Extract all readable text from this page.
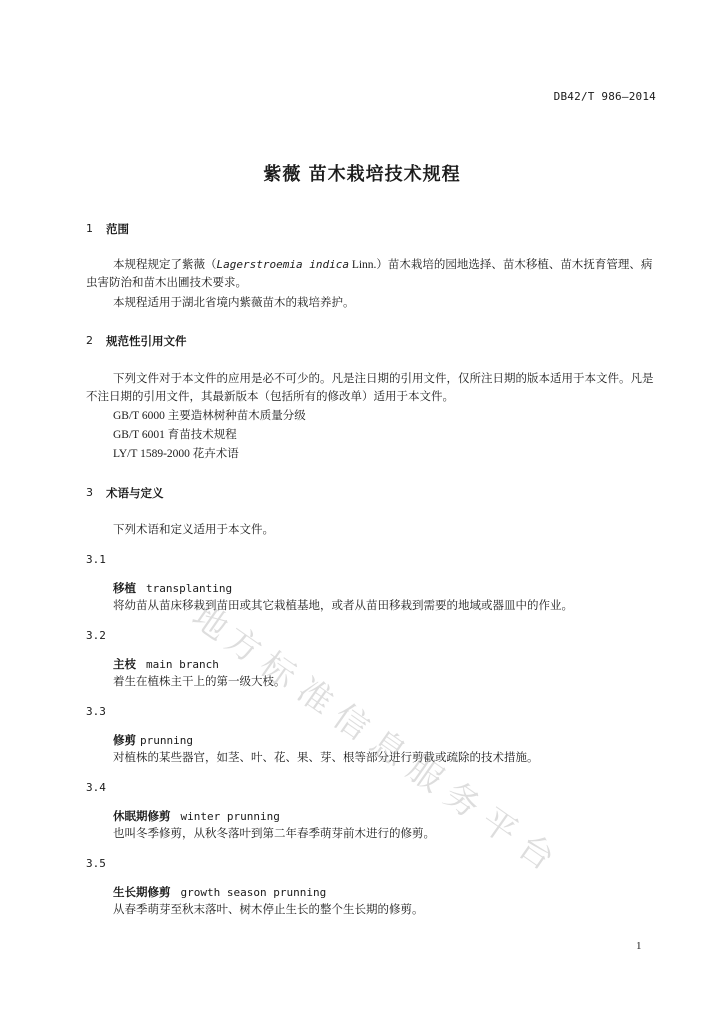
DB42/T 986—2014
紫薇 苗木栽培技术规程
1 范围
本规程规定了紫薇（Lagerstroemia indica Linn.）苗木栽培的园地选择、苗木移植、苗木抚育管理、病虫害防治和苗木出圃技术要求。
本规程适用于湖北省境内紫薇苗木的栽培养护。
2 规范性引用文件
下列文件对于本文件的应用是必不可少的。凡是注日期的引用文件，仅所注日期的版本适用于本文件。凡是不注日期的引用文件，其最新版本（包括所有的修改单）适用于本文件。
GB/T 6000 主要造林树种苗木质量分级
GB/T 6001 育苗技术规程
LY/T 1589-2000 花卉术语
3 术语与定义
下列术语和定义适用于本文件。
3.1
移植 transplanting
将幼苗从苗床移栽到苗田或其它栽植基地，或者从苗田移栽到需要的地域或器皿中的作业。
3.2
主枝 main branch
着生在植株主干上的第一级大枝。
3.3
修剪 prunning
对植株的某些器官，如茎、叶、花、果、芽、根等部分进行剪截或疏除的技术措施。
3.4
休眠期修剪 winter prunning
也叫冬季修剪，从秋冬落叶到第二年春季萌芽前木进行的修剪。
3.5
生长期修剪 growth season prunning
从春季萌芽至秋末落叶、树木停止生长的整个生长期的修剪。
地
方
标
准
信
息
服
务
平
台
1
